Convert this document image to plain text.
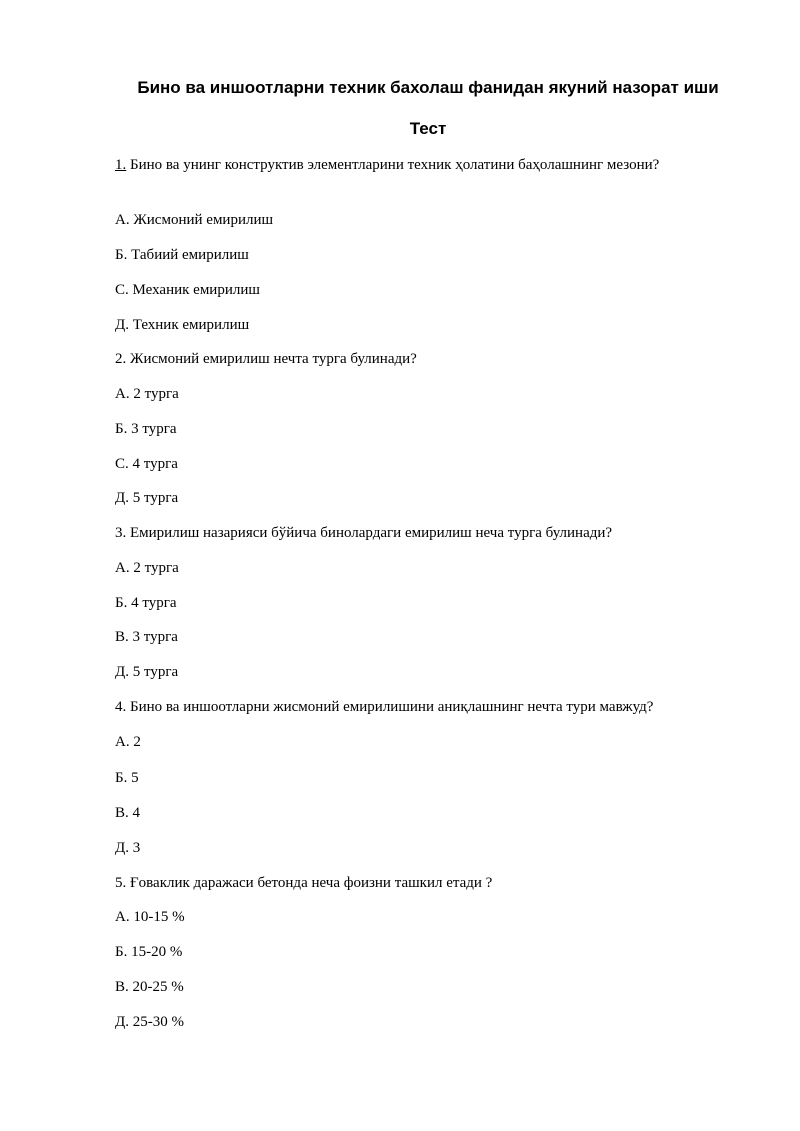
Бино ва иншоотларни техник бахолаш фанидан якуний назорат иши
Тест

1. Бино ва унинг конструктив элементларини техник ҳолатини баҳолашнинг мезони?

А. Жисмоний емирилиш

Б. Табиий емирилиш

С. Механик емирилиш

Д. Техник емирилиш

2. Жисмоний емирилиш нечта турга булинади?

А. 2 турга

Б. 3 турга

С. 4 турга

Д. 5 турга

3. Емирилиш назарияси бўйича бинолардаги емирилиш неча турга булинади?

А. 2 турга

Б. 4 турга

В. 3 турга

Д. 5 турга

4. Бино ва иншоотларни жисмоний емирилишини аниқлашнинг нечта тури мавжуд?

А. 2

Б. 5

В. 4

Д. 3

5. Ғоваклик даражаси бетонда неча фоизни ташкил етади ?

А. 10-15 %

Б. 15-20 %

В. 20-25 %

Д. 25-30 %
